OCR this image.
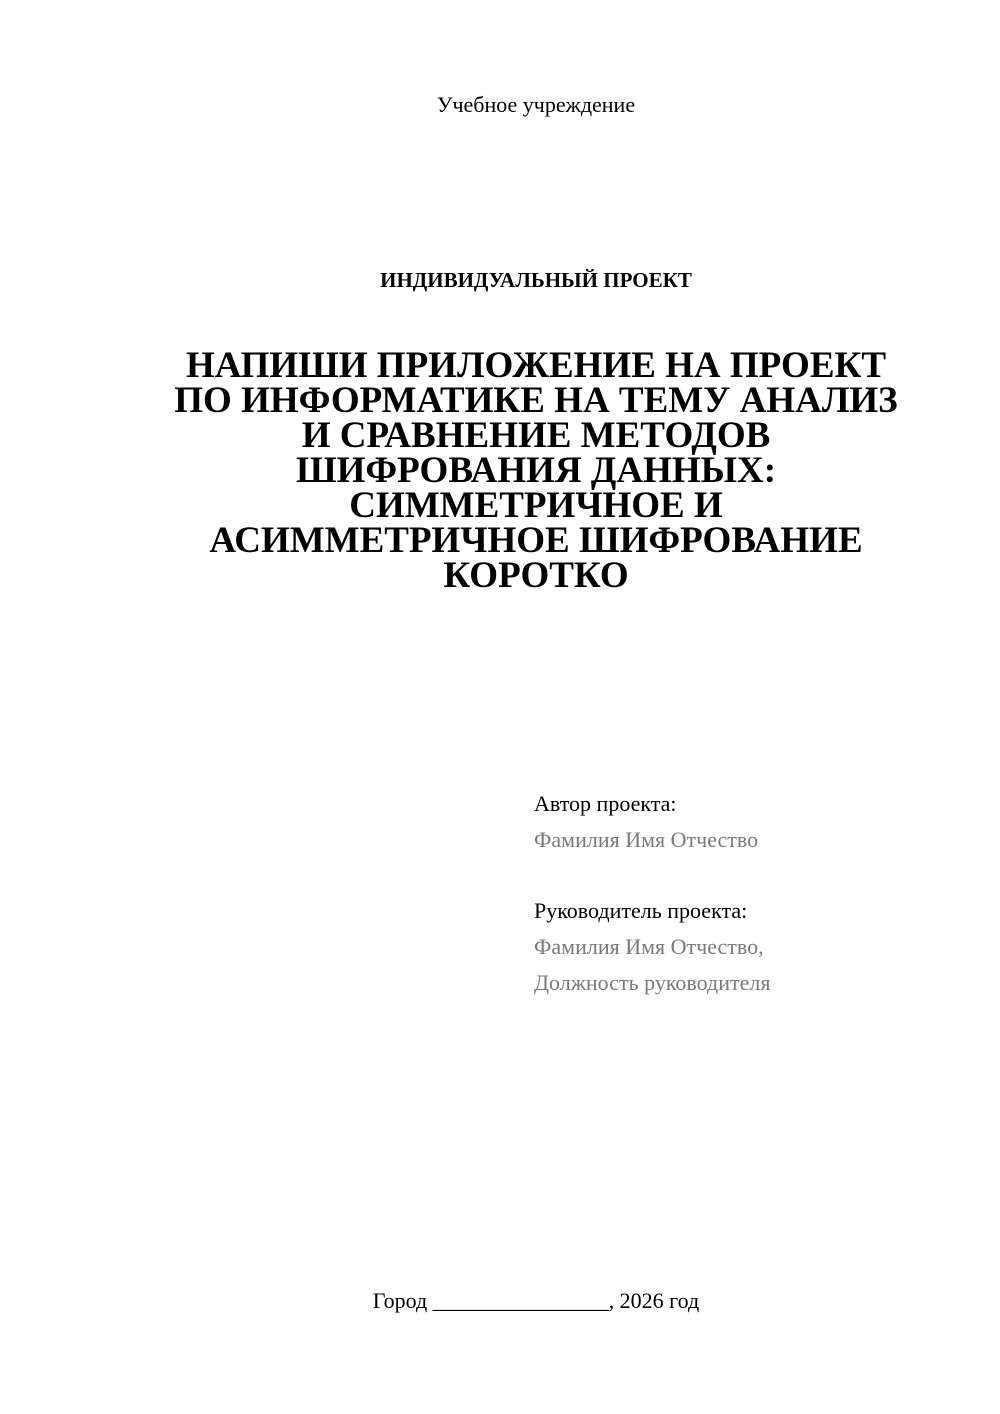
Учебное учреждение
ИНДИВИДУАЛЬНЫЙ ПРОЕКТ
НАПИШИ ПРИЛОЖЕНИЕ НА ПРОЕКТ
ПО ИНФОРМАТИКЕ НА ТЕМУ АНАЛИЗ
И СРАВНЕНИЕ МЕТОДОВ
ШИФРОВАНИЯ ДАННЫХ:
СИММЕТРИЧНОЕ И
АСИММЕТРИЧНОЕ ШИФРОВАНИЕ
КОРОТКО
Автор проекта:
Фамилия Имя Отчество
Руководитель проекта:
Фамилия Имя Отчество,
Должность руководителя
Город ________________, 2026 год
